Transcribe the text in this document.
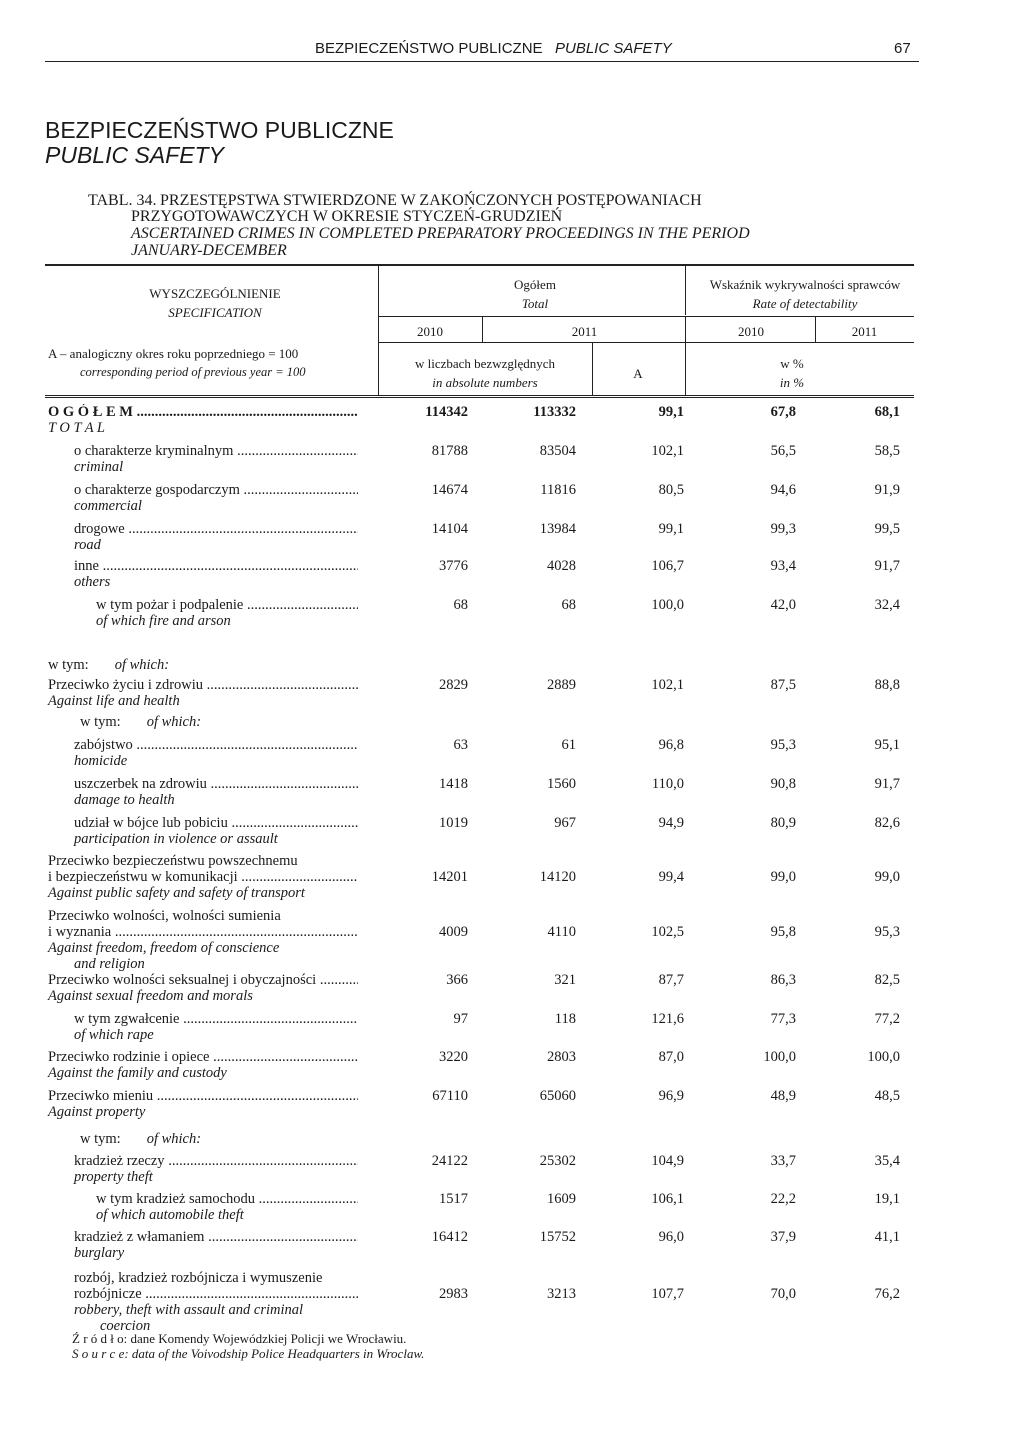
BEZPIECZEŃSTWO PUBLICZNE PUBLIC SAFETY	67
BEZPIECZEŃSTWO PUBLICZNE
PUBLIC SAFETY
TABL. 34. PRZESTĘPSTWA STWIERDZONE W ZAKOŃCZONYCH POSTĘPOWANIACH
PRZYGOTOWAWCZYCH W OKRESIE STYCZEŃ-GRUDZIEŃ
ASCERTAINED CRIMES IN COMPLETED PREPARATORY PROCEEDINGS IN THE PERIOD
JANUARY-DECEMBER
WYSZCZEGÓLNIENIE
SPECIFICATION
A – analogiczny okres roku poprzedniego = 100
corresponding period of previous year = 100
Ogółem
Total
Wskaźnik wykrywalności sprawców
Rate of detectability
2010	2011	2010	2011
w liczbach bezwzględnych
in absolute numbers
A
w %
in %
O G Ó Ł E M .....
T O T A L
114342	113332	99,1	67,8	68,1
o charakterze kryminalnym .....
criminal
81788	83504	102,1	56,5	58,5
o charakterze gospodarczym .....
commercial
14674	11816	80,5	94,6	91,9
drogowe .....
road
14104	13984	99,1	99,3	99,5
inne .....
others
3776	4028	106,7	93,4	91,7
w tym pożar i podpalenie .....
of which fire and arson
68	68	100,0	42,0	32,4
Przeciwko życiu i zdrowiu .....
Against life and health
2829	2889	102,1	87,5	88,8
zabójstwo .....
homicide
63	61	96,8	95,3	95,1
uszczerbek na zdrowiu .....
damage to health
1418	1560	110,0	90,8	91,7
udział w bójce lub pobiciu .....
participation in violence or assault
1019	967	94,9	80,9	82,6
Przeciwko bezpieczeństwu powszechnemu
i bezpieczeństwu w komunikacji .....
Against public safety and safety of transport
14201	14120	99,4	99,0	99,0
Przeciwko wolności, wolności sumienia
i wyznania .....
Against freedom, freedom of conscience
and religion
4009	4110	102,5	95,8	95,3
Przeciwko wolności seksualnej i obyczajności .....
Against sexual freedom and morals
366	321	87,7	86,3	82,5
w tym zgwałcenie .....
of which rape
97	118	121,6	77,3	77,2
Przeciwko rodzinie i opiece .....
Against the family and custody
3220	2803	87,0	100,0	100,0
Przeciwko mieniu .....
Against property
67110	65060	96,9	48,9	48,5
kradzież rzeczy .....
property theft
24122	25302	104,9	33,7	35,4
w tym kradzież samochodu .....
of which automobile theft
1517	1609	106,1	22,2	19,1
kradzież z włamaniem .....
burglary
16412	15752	96,0	37,9	41,1
rozbój, kradzież rozbójnicza i wymuszenie
rozbójnicze .....
robbery, theft with assault and criminal
coercion
2983	3213	107,7	70,0	76,2
w tym: of which:
w tym: of which:
w tym: of which:
Ź r ó d ł o: dane Komendy Wojewódzkiej Policji we Wrocławiu.
S o u r c e: data of the Voivodship Police Headquarters in Wroclaw.
